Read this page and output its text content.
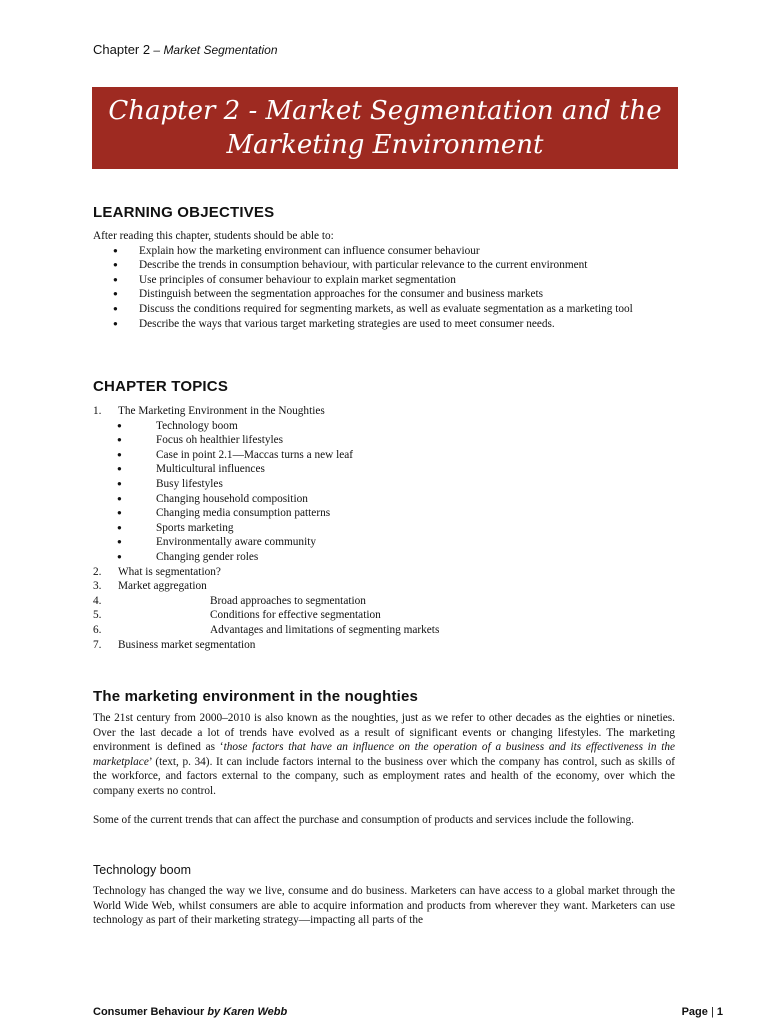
Chapter 2 – Market Segmentation
Chapter 2 - Market Segmentation and the
Marketing Environment
LEARNING OBJECTIVES
After reading this chapter, students should be able to:
● Explain how the marketing environment can influence consumer behaviour
● Describe the trends in consumption behaviour, with particular relevance to the current environment
● Use principles of consumer behaviour to explain market segmentation
● Distinguish between the segmentation approaches for the consumer and business markets
● Discuss the conditions required for segmenting markets, as well as evaluate segmentation as a marketing tool
● Describe the ways that various target marketing strategies are used to meet consumer needs.
CHAPTER TOPICS
1. The Marketing Environment in the Noughties
● Technology boom
● Focus oh healthier lifestyles
● Case in point 2.1—Maccas turns a new leaf
● Multicultural influences
● Busy lifestyles
● Changing household composition
● Changing media consumption patterns
● Sports marketing
● Environmentally aware community
● Changing gender roles
2. What is segmentation?
3. Market aggregation
4.	Broad approaches to segmentation
5.	Conditions for effective segmentation
6.	Advantages and limitations of segmenting markets
7. Business market segmentation
The marketing environment in the noughties
The 21st century from 2000–2010 is also known as the noughties, just as we refer to other decades as the eighties or nineties. Over the last decade a lot of trends have evolved as a result of significant events or changing lifestyles. The marketing environment is defined as ‘those factors that have an influence on the operation of a business and its effectiveness in the marketplace’ (text, p. 34). It can include factors internal to the business over which the company has control, such as skills of the workforce, and factors external to the company, such as employment rates and health of the economy, over which the company exerts no control.
Some of the current trends that can affect the purchase and consumption of products and services include the following.
Technology boom
Technology has changed the way we live, consume and do business. Marketers can have access to a global market through the World Wide Web, whilst consumers are able to acquire information and products from wherever they want. Marketers can use technology as part of their marketing strategy—impacting all parts of the
Consumer Behaviour by Karen Webb	Page | 1
